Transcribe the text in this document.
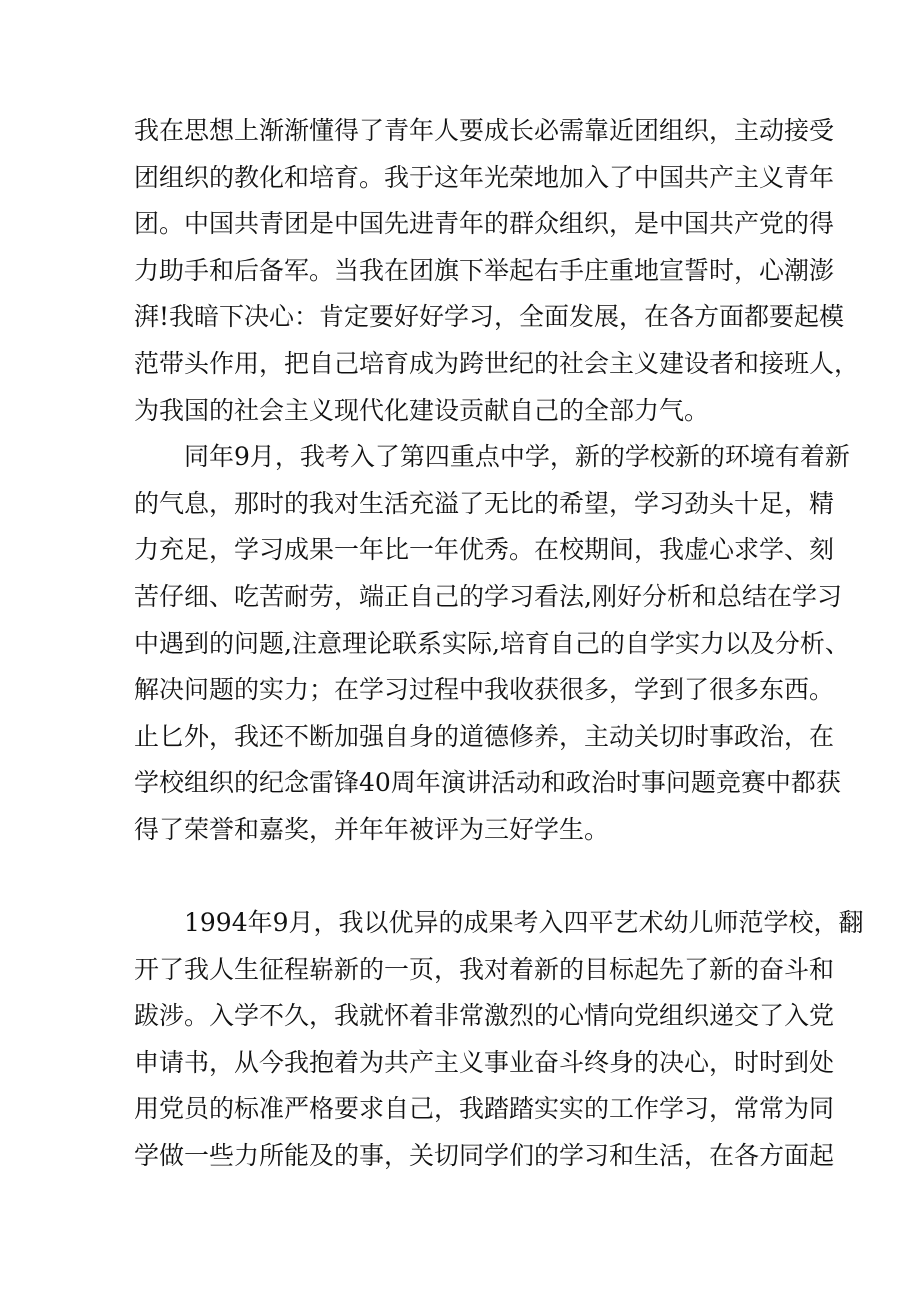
我在思想上渐渐懂得了青年人要成长必需靠近团组织，主动接受
团组织的教化和培育。我于这年光荣地加入了中国共产主义青年
团。中国共青团是中国先进青年的群众组织，是中国共产党的得
力助手和后备军。当我在团旗下举起右手庄重地宣誓时，心潮澎
湃!我暗下决心：肯定要好好学习，全面发展，在各方面都要起模
范带头作用，把自己培育成为跨世纪的社会主义建设者和接班人，
为我国的社会主义现代化建设贡献自己的全部力气。
同年9月，我考入了第四重点中学，新的学校新的环境有着新
的气息，那时的我对生活充溢了无比的希望，学习劲头十足，精
力充足，学习成果一年比一年优秀。在校期间，我虚心求学、刻
苦仔细、吃苦耐劳，端正自己的学习看法,刚好分析和总结在学习
中遇到的问题,注意理论联系实际,培育自己的自学实力以及分析、
解决问题的实力；在学习过程中我收获很多，学到了很多东西。
止匕外，我还不断加强自身的道德修养，主动关切时事政治，在
学校组织的纪念雷锋40周年演讲活动和政治时事问题竞赛中都获
得了荣誉和嘉奖，并年年被评为三好学生。
1994年9月，我以优异的成果考入四平艺术幼儿师范学校，翻
开了我人生征程崭新的一页，我对着新的目标起先了新的奋斗和
跋涉。入学不久，我就怀着非常激烈的心情向党组织递交了入党
申请书，从今我抱着为共产主义事业奋斗终身的决心，时时到处
用党员的标准严格要求自己，我踏踏实实的工作学习，常常为同
学做一些力所能及的事，关切同学们的学习和生活，在各方面起
